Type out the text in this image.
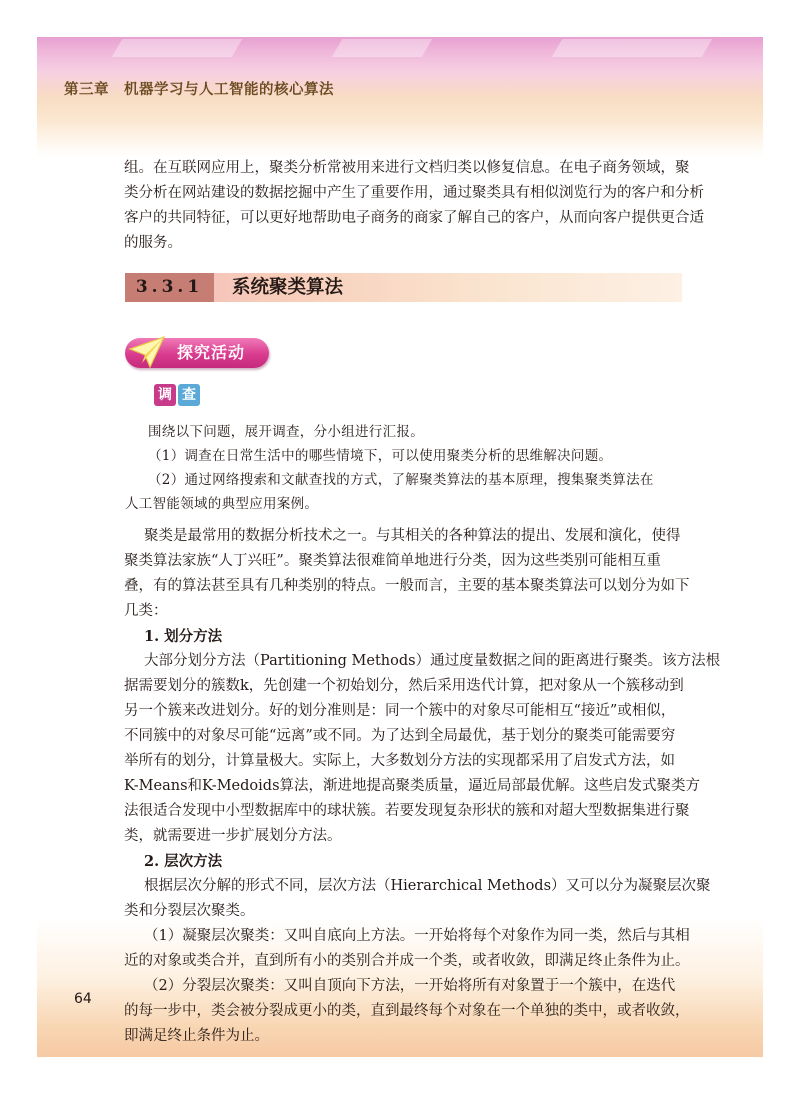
第三章　机器学习与人工智能的核心算法
组。在互联网应用上，聚类分析常被用来进行文档归类以修复信息。在电子商务领域，聚
类分析在网站建设的数据挖掘中产生了重要作用，通过聚类具有相似浏览行为的客户和分析
客户的共同特征，可以更好地帮助电子商务的商家了解自己的客户，从而向客户提供更合适
的服务。
3.3.1	系统聚类算法
探究活动
调 查
围绕以下问题，展开调查，分小组进行汇报。
（1）调查在日常生活中的哪些情境下，可以使用聚类分析的思维解决问题。
（2）通过网络搜索和文献查找的方式，了解聚类算法的基本原理，搜集聚类算法在
人工智能领域的典型应用案例。
聚类是最常用的数据分析技术之一。与其相关的各种算法的提出、发展和演化，使得
聚类算法家族“人丁兴旺”。聚类算法很难简单地进行分类，因为这些类别可能相互重
叠，有的算法甚至具有几种类别的特点。一般而言，主要的基本聚类算法可以划分为如下
几类：
1. 划分方法
大部分划分方法（Partitioning Methods）通过度量数据之间的距离进行聚类。该方法根
据需要划分的簇数k，先创建一个初始划分，然后采用迭代计算，把对象从一个簇移动到
另一个簇来改进划分。好的划分准则是：同一个簇中的对象尽可能相互“接近”或相似，
不同簇中的对象尽可能“远离”或不同。为了达到全局最优，基于划分的聚类可能需要穷
举所有的划分，计算量极大。实际上，大多数划分方法的实现都采用了启发式方法，如
K-Means和K-Medoids算法，渐进地提高聚类质量，逼近局部最优解。这些启发式聚类方
法很适合发现中小型数据库中的球状簇。若要发现复杂形状的簇和对超大型数据集进行聚
类，就需要进一步扩展划分方法。
2. 层次方法
根据层次分解的形式不同，层次方法（Hierarchical Methods）又可以分为凝聚层次聚
类和分裂层次聚类。
（1）凝聚层次聚类：又叫自底向上方法。一开始将每个对象作为同一类，然后与其相
近的对象或类合并，直到所有小的类别合并成一个类，或者收敛，即满足终止条件为止。
（2）分裂层次聚类：又叫自顶向下方法，一开始将所有对象置于一个簇中，在迭代
的每一步中，类会被分裂成更小的类，直到最终每个对象在一个单独的类中，或者收敛，
即满足终止条件为止。
64
